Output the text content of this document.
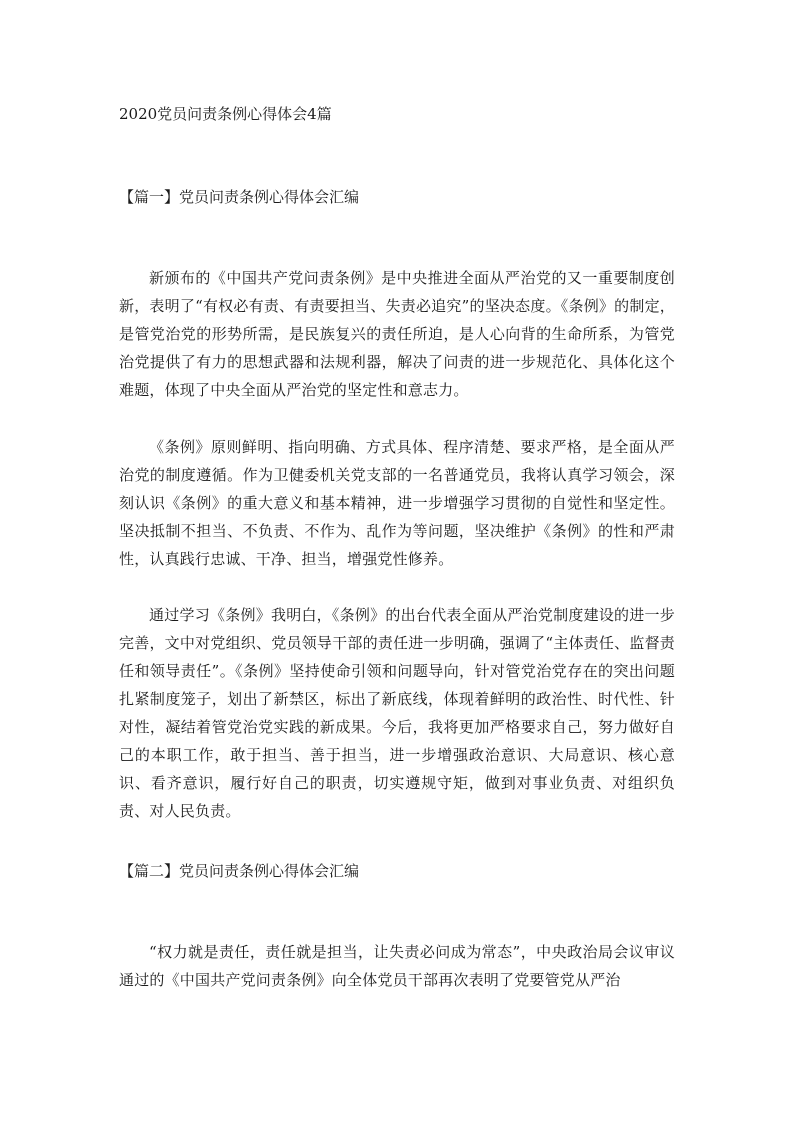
2020党员问责条例心得体会4篇
【篇一】党员问责条例心得体会汇编

新颁布的《中国共产党问责条例》是中央推进全面从严治党的又一重要制度创新，表明了“有权必有责、有责要担当、失责必追究”的坚决态度。《条例》的制定，是管党治党的形势所需，是民族复兴的责任所迫，是人心向背的生命所系，为管党治党提供了有力的思想武器和法规利器，解决了问责的进一步规范化、具体化这个难题，体现了中央全面从严治党的坚定性和意志力。

《条例》原则鲜明、指向明确、方式具体、程序清楚、要求严格，是全面从严治党的制度遵循。作为卫健委机关党支部的一名普通党员，我将认真学习领会，深刻认识《条例》的重大意义和基本精神，进一步增强学习贯彻的自觉性和坚定性。坚决抵制不担当、不负责、不作为、乱作为等问题，坚决维护《条例》的性和严肃性，认真践行忠诚、干净、担当，增强党性修养。

通过学习《条例》我明白，《条例》的出台代表全面从严治党制度建设的进一步完善，文中对党组织、党员领导干部的责任进一步明确，强调了“主体责任、监督责任和领导责任”。《条例》坚持使命引领和问题导向，针对管党治党存在的突出问题扎紧制度笼子，划出了新禁区，标出了新底线，体现着鲜明的政治性、时代性、针对性，凝结着管党治党实践的新成果。今后，我将更加严格要求自己，努力做好自己的本职工作，敢于担当、善于担当，进一步增强政治意识、大局意识、核心意识、看齐意识，履行好自己的职责，切实遵规守矩，做到对事业负责、对组织负责、对人民负责。

【篇二】党员问责条例心得体会汇编

“权力就是责任，责任就是担当，让失责必问成为常态”，中央政治局会议审议通过的《中国共产党问责条例》向全体党员干部再次表明了党要管党从严治
